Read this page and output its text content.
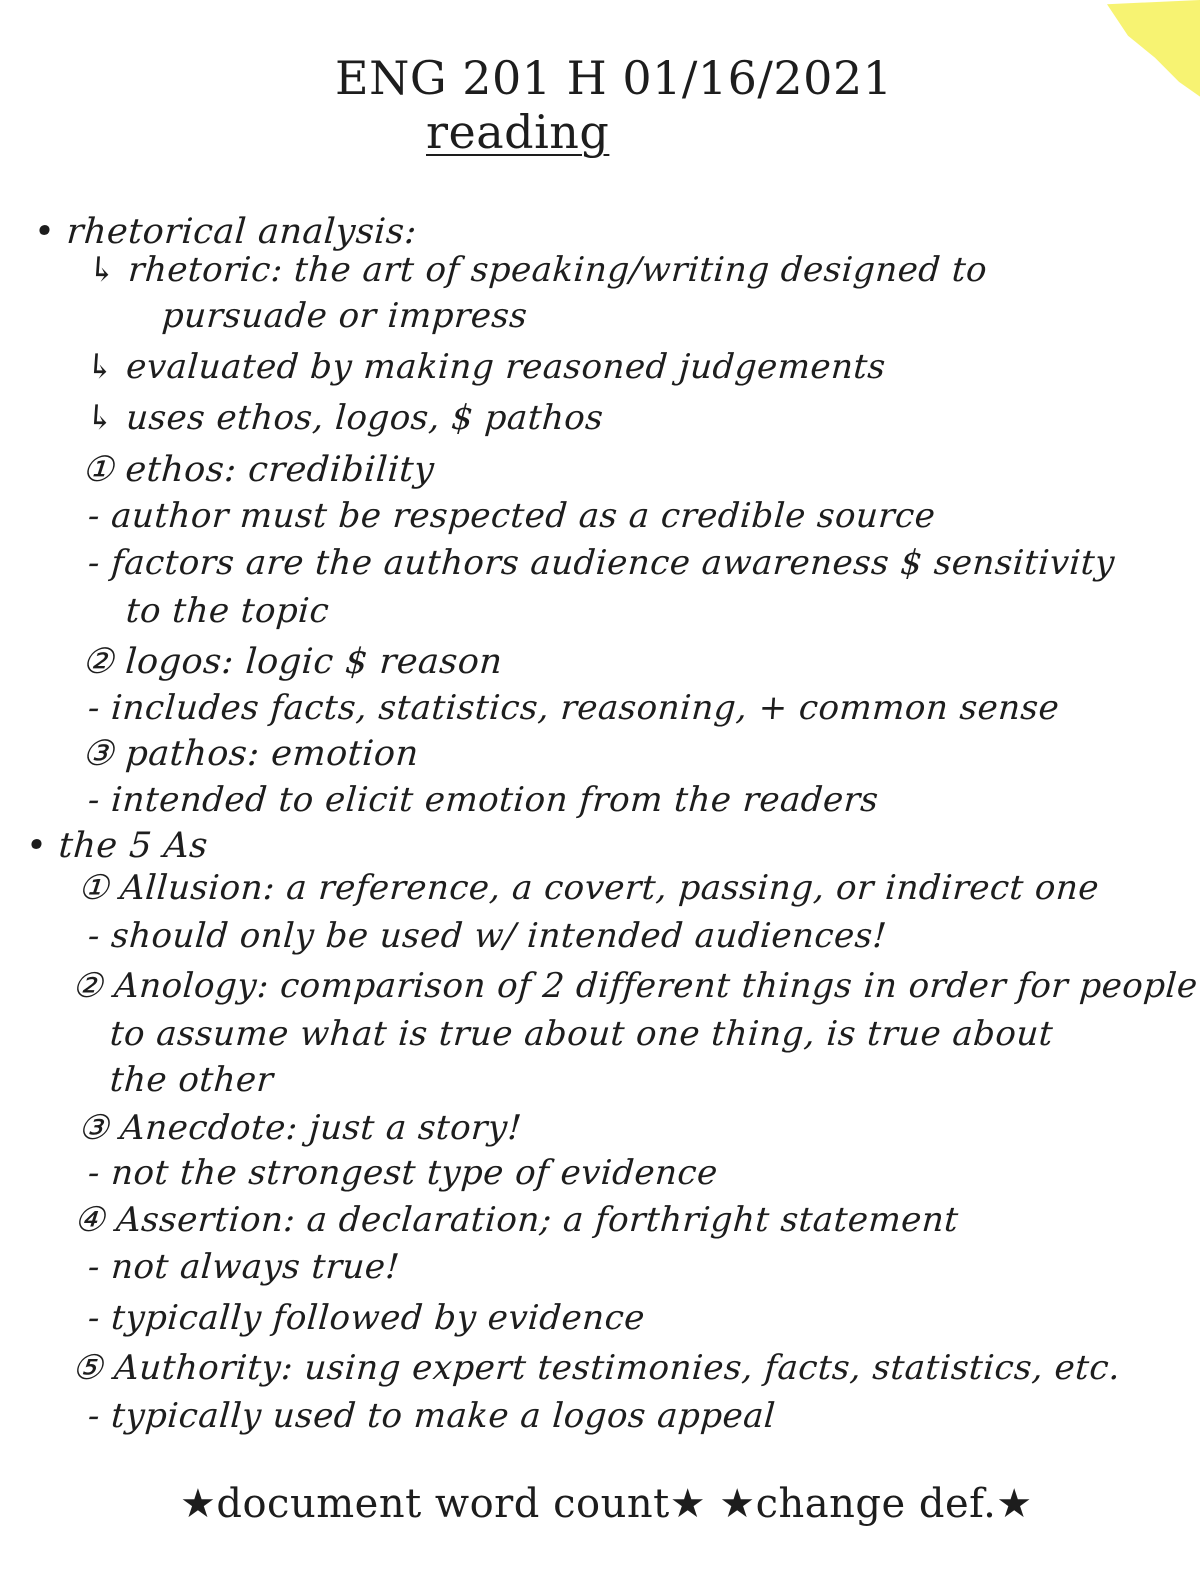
ENG 201 H 01/16/2021
reading
• rhetorical analysis:
↳ rhetoric: the art of speaking/writing designed to
pursuade or impress
↳ evaluated by making reasoned judgements
↳ uses ethos, logos, $ pathos
① ethos: credibility
- author must be respected as a credible source
- factors are the authors audience awareness $ sensitivity
to the topic
② logos: logic $ reason
- includes facts, statistics, reasoning, + common sense
③ pathos: emotion
- intended to elicit emotion from the readers
• the 5 As
① Allusion: a reference, a covert, passing, or indirect one
- should only be used w/ intended audiences!
② Anology: comparison of 2 different things in order for people
to assume what is true about one thing, is true about
the other
③ Anecdote: just a story!
- not the strongest type of evidence
④ Assertion: a declaration; a forthright statement
- not always true!
- typically followed by evidence
⑤ Authority: using expert testimonies, facts, statistics, etc.
- typically used to make a logos appeal
★document word count★ ★change def.★
